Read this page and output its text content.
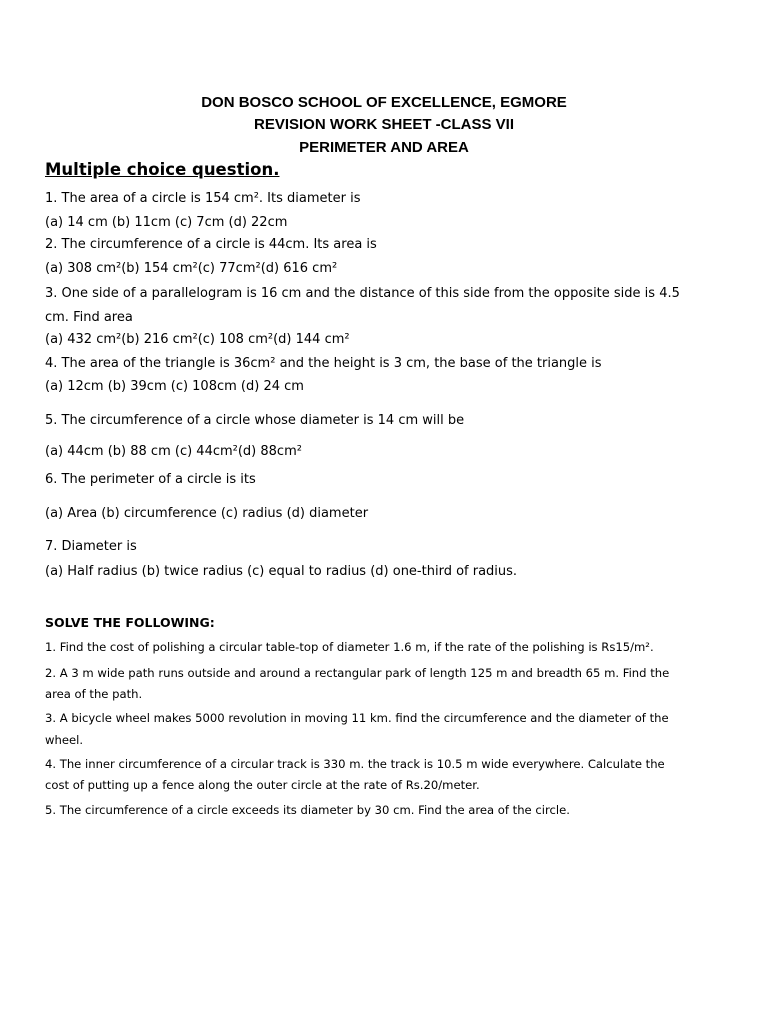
DON BOSCO SCHOOL OF EXCELLENCE, EGMORE
REVISION WORK SHEET -CLASS VII
PERIMETER AND AREA
Multiple choice question.
1. The area of a circle is 154 cm². Its diameter is
(a) 14 cm (b) 11cm (c) 7cm (d) 22cm
2. The circumference of a circle is 44cm. Its area is
(a) 308 cm²(b) 154 cm²(c) 77cm²(d) 616 cm²
3. One side of a parallelogram is 16 cm and the distance of this side from the opposite side is 4.5
cm. Find area
(a) 432 cm²(b) 216 cm²(c) 108 cm²(d) 144 cm²
4. The area of the triangle is 36cm² and the height is 3 cm, the base of the triangle is
(a) 12cm (b) 39cm (c) 108cm (d) 24 cm
5. The circumference of a circle whose diameter is 14 cm will be
(a) 44cm (b) 88 cm (c) 44cm²(d) 88cm²
6. The perimeter of a circle is its
(a) Area (b) circumference (c) radius (d) diameter
7. Diameter is
(a) Half radius (b) twice radius (c) equal to radius (d) one-third of radius.
SOLVE THE FOLLOWING:
1. Find the cost of polishing a circular table-top of diameter 1.6 m, if the rate of the polishing is Rs15/m².
2. A 3 m wide path runs outside and around a rectangular park of length 125 m and breadth 65 m. Find the
area of the path.
3. A bicycle wheel makes 5000 revolution in moving 11 km. find the circumference and the diameter of the
wheel.
4. The inner circumference of a circular track is 330 m. the track is 10.5 m wide everywhere. Calculate the
cost of putting up a fence along the outer circle at the rate of Rs.20/meter.
5. The circumference of a circle exceeds its diameter by 30 cm. Find the area of the circle.
